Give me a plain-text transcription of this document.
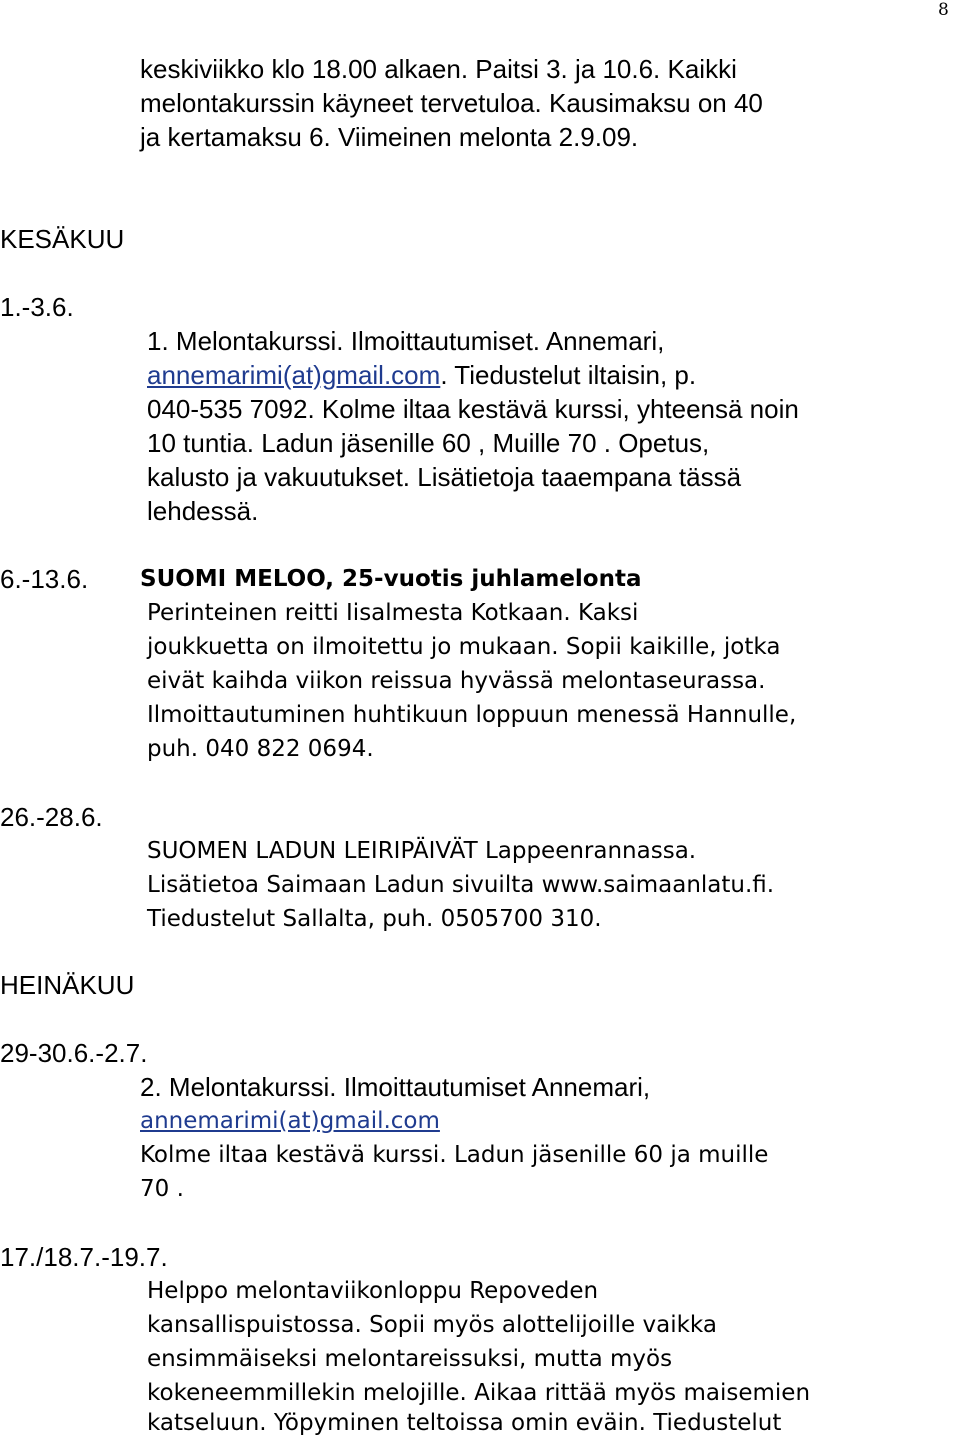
8

keskiviikko klo 18.00 alkaen. Paitsi 3. ja 10.6. Kaikki

melontakurssin käyneet tervetuloa. Kausimaksu on 40

ja kertamaksu 6. Viimeinen melonta 2.9.09.

KESÄKUU

1.-3.6.

1. Melontakurssi. Ilmoittautumiset. Annemari,

annemarimi(at)gmail.com. Tiedustelut iltaisin, p.

040-535 7092. Kolme iltaa kestävä kurssi, yhteensä noin

10 tuntia. Ladun jäsenille 60 , Muille 70 . Opetus,

kalusto ja vakuutukset. Lisätietoja taaempana tässä

lehdessä.

6.-13.6. SUOMI MELOO, 25-vuotis juhlamelonta

Perinteinen reitti Iisalmesta Kotkaan. Kaksi

joukkuetta on ilmoitettu jo mukaan. Sopii kaikille, jotka

eivät kaihda viikon reissua hyvässä melontaseurassa.

Ilmoittautuminen huhtikuun loppuun menessä Hannulle,

puh. 040 822 0694.

26.-28.6.

SUOMEN LADUN LEIRIPÄIVÄT Lappeenrannassa.

Lisätietoa Saimaan Ladun sivuilta www.saimaanlatu.fi.

Tiedustelut Sallalta, puh. 0505700 310.

HEINÄKUU

29-30.6.-2.7.

2. Melontakurssi. Ilmoittautumiset Annemari,

annemarimi(at)gmail.com

Kolme iltaa kestävä kurssi. Ladun jäsenille 60 ja muille

70 .

17./18.7.-19.7.

Helppo melontaviikonloppu Repoveden

kansallispuistossa. Sopii myös alottelijoille vaikka

ensimmäiseksi melontareissuksi, mutta myös

kokeneemmillekin melojille. Aikaa rittää myös maisemien

katseluun. Yöpyminen teltoissa omin eväin. Tiedustelut
